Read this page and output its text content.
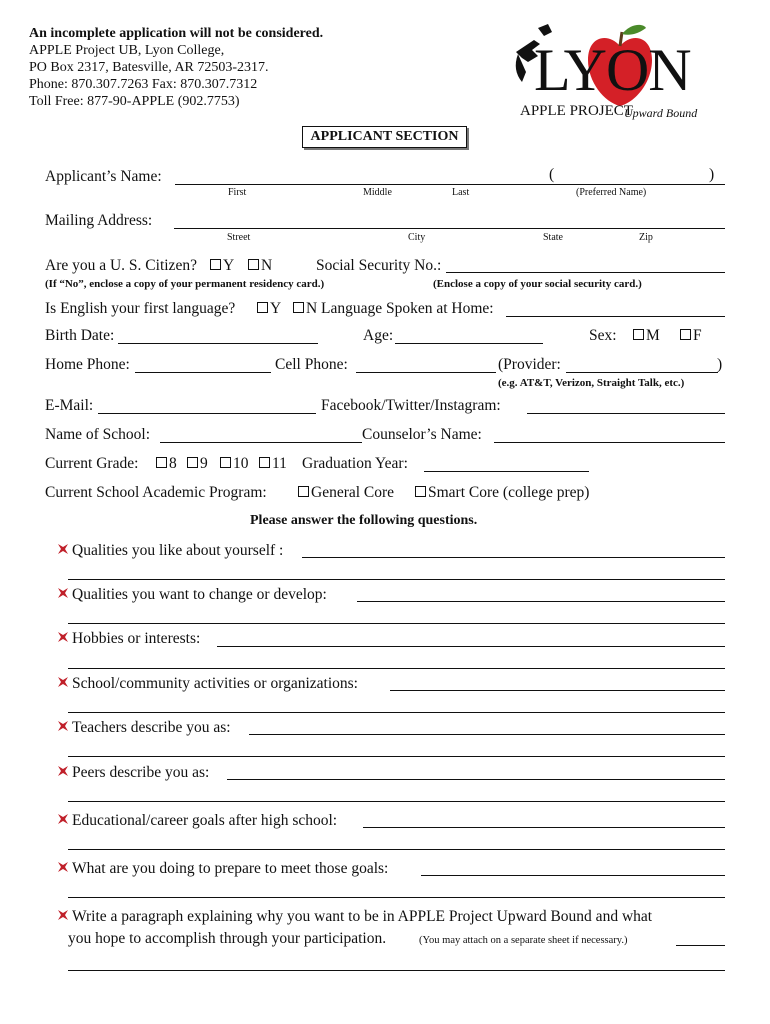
An incomplete application will not be considered.
APPLE Project UB, Lyon College,
PO Box 2317, Batesville, AR 72503-2317.
Phone: 870.307.7263 Fax: 870.307.7312
Toll Free: 877-90-APPLE (902.7753)	LYON
APPLE PROJECT
Upward Bound
APPLICANT SECTION
Applicant’s Name:	(	)
First	Middle	Last	(Preferred Name)
Mailing Address:
Street	City	State	Zip
Are you a U. S. Citizen?	Y	N	Social Security No.:
(If “No”, enclose a copy of your permanent residency card.)	(Enclose a copy of your social security card.)
Is English your first language?	Y	N Language Spoken at Home:
Birth Date:	Age:	Sex:	M	F
Home Phone:	Cell Phone:	(Provider:	)
(e.g. AT&T, Verizon, Straight Talk, etc.)
E-Mail:	Facebook/Twitter/Instagram:
Name of School:	Counselor’s Name:
Current Grade:	8	9	10	11 Graduation Year:
Current School Academic Program:	General Core	Smart Core (college prep)
Please answer the following questions.
Qualities you like about yourself :
Qualities you want to change or develop:
Hobbies or interests:
School/community activities or organizations:
Teachers describe you as:
Peers describe you as:
Educational/career goals after high school:
What are you doing to prepare to meet those goals:
Write a paragraph explaining why you want to be in APPLE Project Upward Bound and what
you hope to accomplish through your participation.	(You may attach on a separate sheet if necessary.)
